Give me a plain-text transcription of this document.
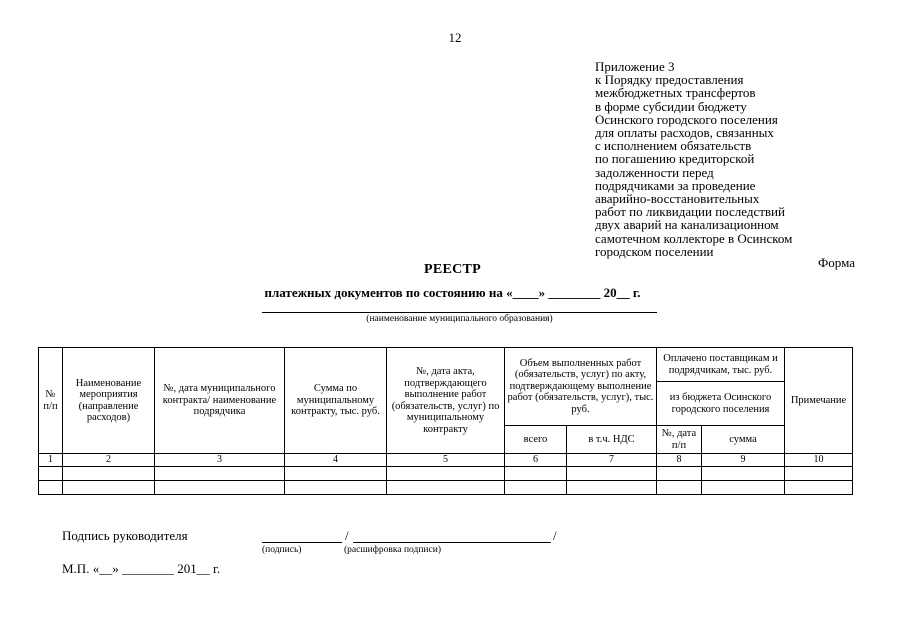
12
Приложение 3
к Порядку предоставления
межбюджетных трансфертов
в форме субсидии бюджету
Осинского городского поселения
для оплаты расходов, связанных
с исполнением обязательств
по погашению кредиторской
задолженности перед
подрядчиками за проведение
аварийно-восстановительных
работ по ликвидации последствий
двух аварий на канализационном
самотечном коллекторе в Осинском
городском поселении
Форма
РЕЕСТР
платежных документов по состоянию на «____» ________ 20__ г.
(наименование муниципального образования)
№ п/п	Наименование мероприятия (направление расходов)	№, дата муниципального контракта/ наименование подрядчика	Сумма по муниципальному контракту, тыс. руб.	№, дата акта, подтверждающего выполнение работ (обязательств, услуг) по муниципальному контракту	Объем выполненных работ (обязательств, услуг) по акту, подтверждающему выполнение работ (обязательств, услуг), тыс. руб.		Оплачено поставщикам и подрядчикам, тыс. руб.		Примечание
							из бюджета Осинского городского поселения		
					всего	в т.ч. НДС	№, дата п/п	сумма	
1	2	3	4	5	6	7	8	9	10

Подпись руководителя	/	/
(подпись)	(расшифровка подписи)
М.П. «__» ________ 201__ г.
